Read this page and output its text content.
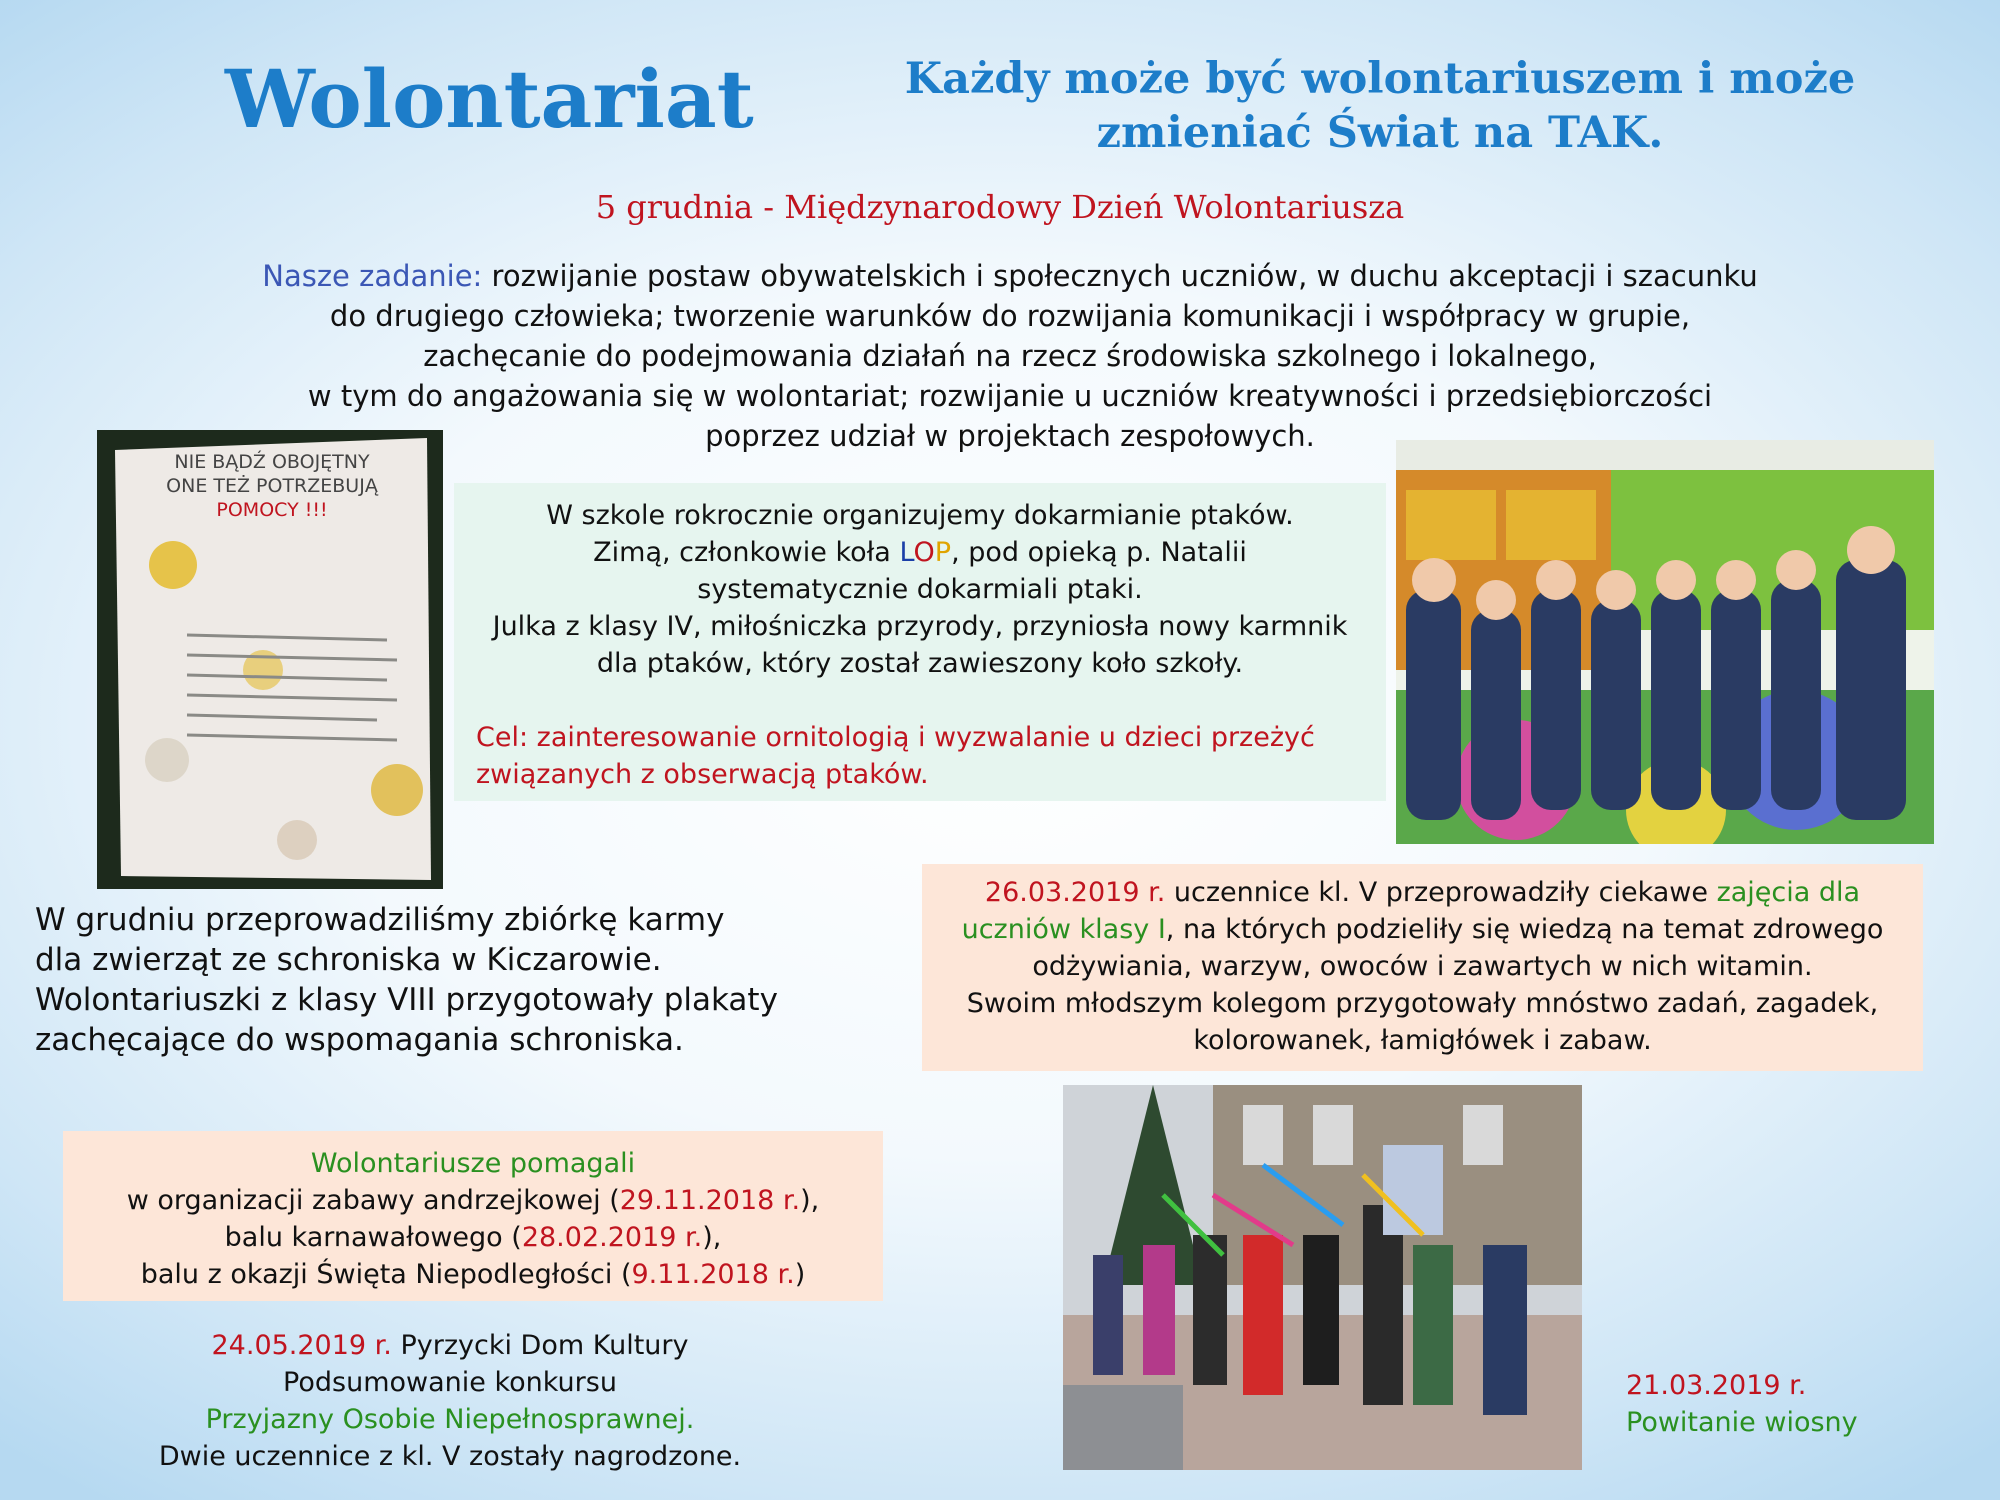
Wolontariat	Każdy może być wolontariuszem i może
zmieniać Świat na TAK.
5 grudnia - Międzynarodowy Dzień Wolontariusza
Nasze zadanie: rozwijanie postaw obywatelskich i społecznych uczniów, w duchu akceptacji i szacunku
do drugiego człowieka; tworzenie warunków do rozwijania komunikacji i współpracy w grupie,
zachęcanie do podejmowania działań na rzecz środowiska szkolnego i lokalnego,
w tym do angażowania się w wolontariat; rozwijanie u uczniów kreatywności i przedsiębiorczości
poprzez udział w projektach zespołowych.
NIE BĄDŹ OBOJĘTNY
ONE TEŻ POTRZEBUJĄ
POMOCY !!!	W szkole rokrocznie organizujemy dokarmianie ptaków.
Zimą, członkowie koła LOP, pod opieką p. Natalii
systematycznie dokarmiali ptaki.
Julka z klasy IV, miłośniczka przyrody, przyniosła nowy karmnik
dla ptaków, który został zawieszony koło szkoły.
Cel: zainteresowanie ornitologią i wyzwalanie u dzieci przeżyć
związanych z obserwacją ptaków.
W grudniu przeprowadziliśmy zbiórkę karmy
dla zwierząt ze schroniska w Kiczarowie.
Wolontariuszki z klasy VIII przygotowały plakaty
zachęcające do wspomagania schroniska.
26.03.2019 r. uczennice kl. V przeprowadziły ciekawe zajęcia dla
uczniów klasy I, na których podzieliły się wiedzą na temat zdrowego
odżywiania, warzyw, owoców i zawartych w nich witamin.
Swoim młodszym kolegom przygotowały mnóstwo zadań, zagadek,
kolorowanek, łamigłówek i zabaw.
Wolontariusze pomagali
w organizacji zabawy andrzejkowej (29.11.2018 r.),
balu karnawałowego (28.02.2019 r.),
balu z okazji Święta Niepodległości (9.11.2018 r.)
24.05.2019 r. Pyrzycki Dom Kultury
Podsumowanie konkursu
Przyjazny Osobie Niepełnosprawnej.
Dwie uczennice z kl. V zostały nagrodzone.
21.03.2019 r.
Powitanie wiosny
